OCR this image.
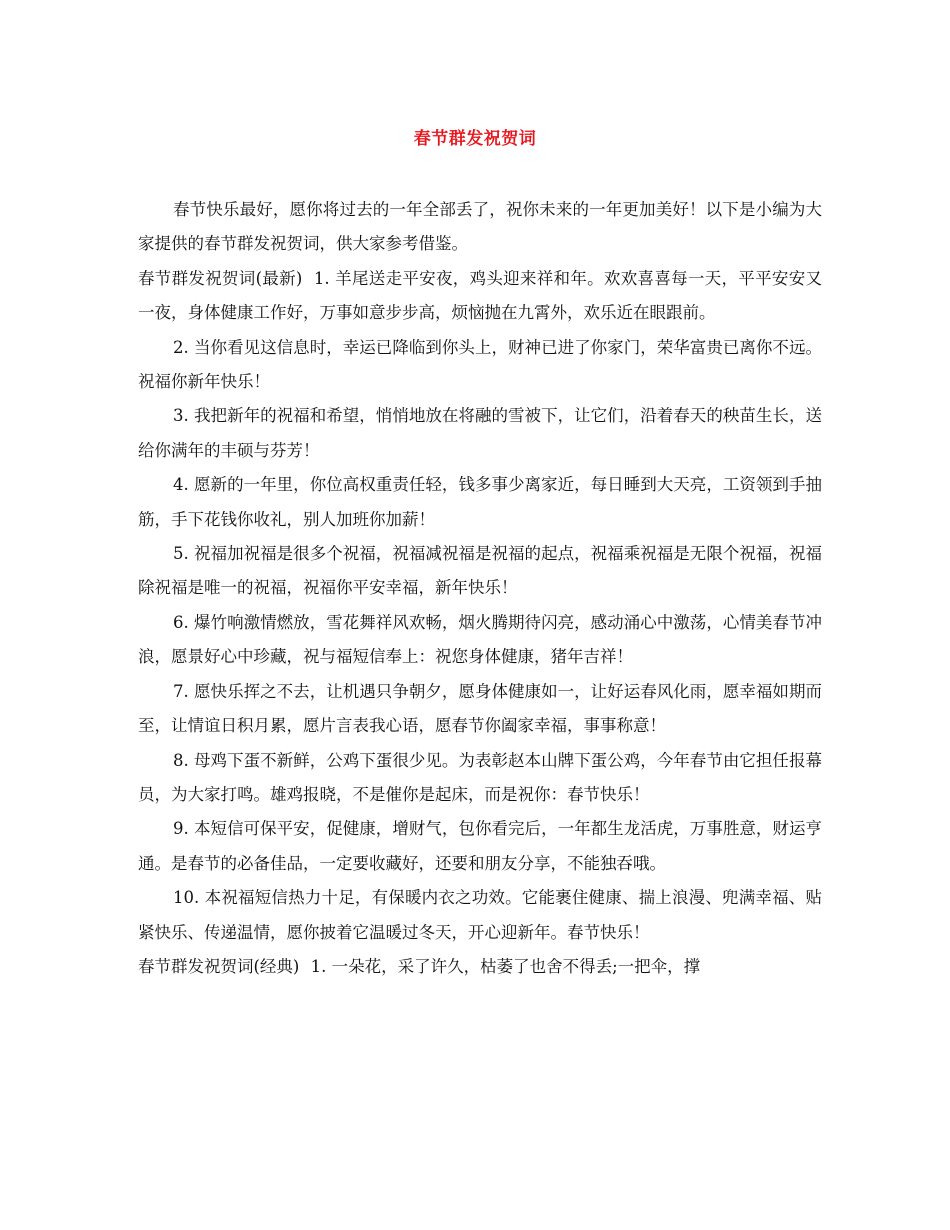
春节群发祝贺词

春节快乐最好，愿你将过去的一年全部丢了，祝你未来的一年更加美好！以下是小编为大家提供的春节群发祝贺词，供大家参考借鉴。

春节群发祝贺词(最新) 1. 羊尾送走平安夜，鸡头迎来祥和年。欢欢喜喜每一天，平平安安又一夜，身体健康工作好，万事如意步步高，烦恼抛在九霄外，欢乐近在眼跟前。

2. 当你看见这信息时，幸运已降临到你头上，财神已进了你家门，荣华富贵已离你不远。祝福你新年快乐！

3. 我把新年的祝福和希望，悄悄地放在将融的雪被下，让它们，沿着春天的秧苗生长，送给你满年的丰硕与芬芳！

4. 愿新的一年里，你位高权重责任轻，钱多事少离家近，每日睡到大天亮，工资领到手抽筋，手下花钱你收礼，别人加班你加薪！

5. 祝福加祝福是很多个祝福，祝福减祝福是祝福的起点，祝福乘祝福是无限个祝福，祝福除祝福是唯一的祝福，祝福你平安幸福，新年快乐！

6. 爆竹响激情燃放，雪花舞祥风欢畅，烟火腾期待闪亮，感动涌心中激荡，心情美春节冲浪，愿景好心中珍藏，祝与福短信奉上：祝您身体健康，猪年吉祥！

7. 愿快乐挥之不去，让机遇只争朝夕，愿身体健康如一，让好运春风化雨，愿幸福如期而至，让情谊日积月累，愿片言表我心语，愿春节你阖家幸福，事事称意！

8. 母鸡下蛋不新鲜，公鸡下蛋很少见。为表彰赵本山牌下蛋公鸡，今年春节由它担任报幕员，为大家打鸣。雄鸡报晓，不是催你是起床，而是祝你：春节快乐！

9. 本短信可保平安，促健康，增财气，包你看完后，一年都生龙活虎，万事胜意，财运亨通。是春节的必备佳品，一定要收藏好，还要和朋友分享，不能独吞哦。

10. 本祝福短信热力十足，有保暖内衣之功效。它能裹住健康、揣上浪漫、兜满幸福、贴紧快乐、传递温情，愿你披着它温暖过冬天，开心迎新年。春节快乐！

春节群发祝贺词(经典) 1. 一朵花，采了许久，枯萎了也舍不得丢;一把伞，撑
